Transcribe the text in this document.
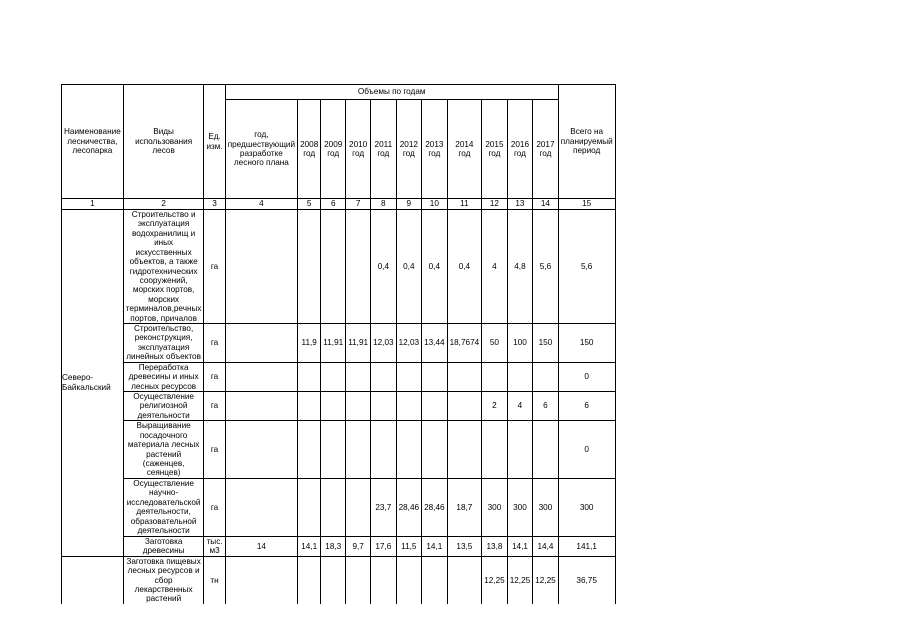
Наименование лесничества, лесопарка	Виды использования лесов	Ед. изм.	Объемы по годам											Всего на планируемый период
			год, предшествующий разработке лесного плана	2008 год	2009 год	2010 год	2011 год	2012 год	2013 год	2014 год	2015 год	2016 год	2017 год	
1	2	3	4	5	6	7	8	9	10	11	12	13	14	15
Северо-Байкальский	Строительство и эксплуатация водохранилищ и иных искусственных объектов, а также гидротехнических сооружений, морских портов, морских терминалов,речных портов, причалов	га					0,4	0,4	0,4	0,4	4	4,8	5,6	5,6
	Строительство, реконструкция, эксплуатация линейных объектов	га		11,9	11,91	11,91	12,03	12,03	13,44	18,7674	50	100	150	150
	Переработка древесины и иных лесных ресурсов	га												0
	Осуществление религиозной деятельности	га									2	4	6	6
	Выращивание посадочного материала лесных растений (саженцев, сеянцев)	га												0
	Осуществление научно-исследовательской деятельности, образовательной деятельности	га					23,7	28,46	28,46	18,7	300	300	300	300
	Заготовка древесины	тыс. м3	14	14,1	18,3	9,7	17,6	11,5	14,1	13,5	13,8	14,1	14,4	141,1
	Заготовка пищевых лесных ресурсов и сбор лекарственных растений	тн									12,25	12,25	12,25	36,75
